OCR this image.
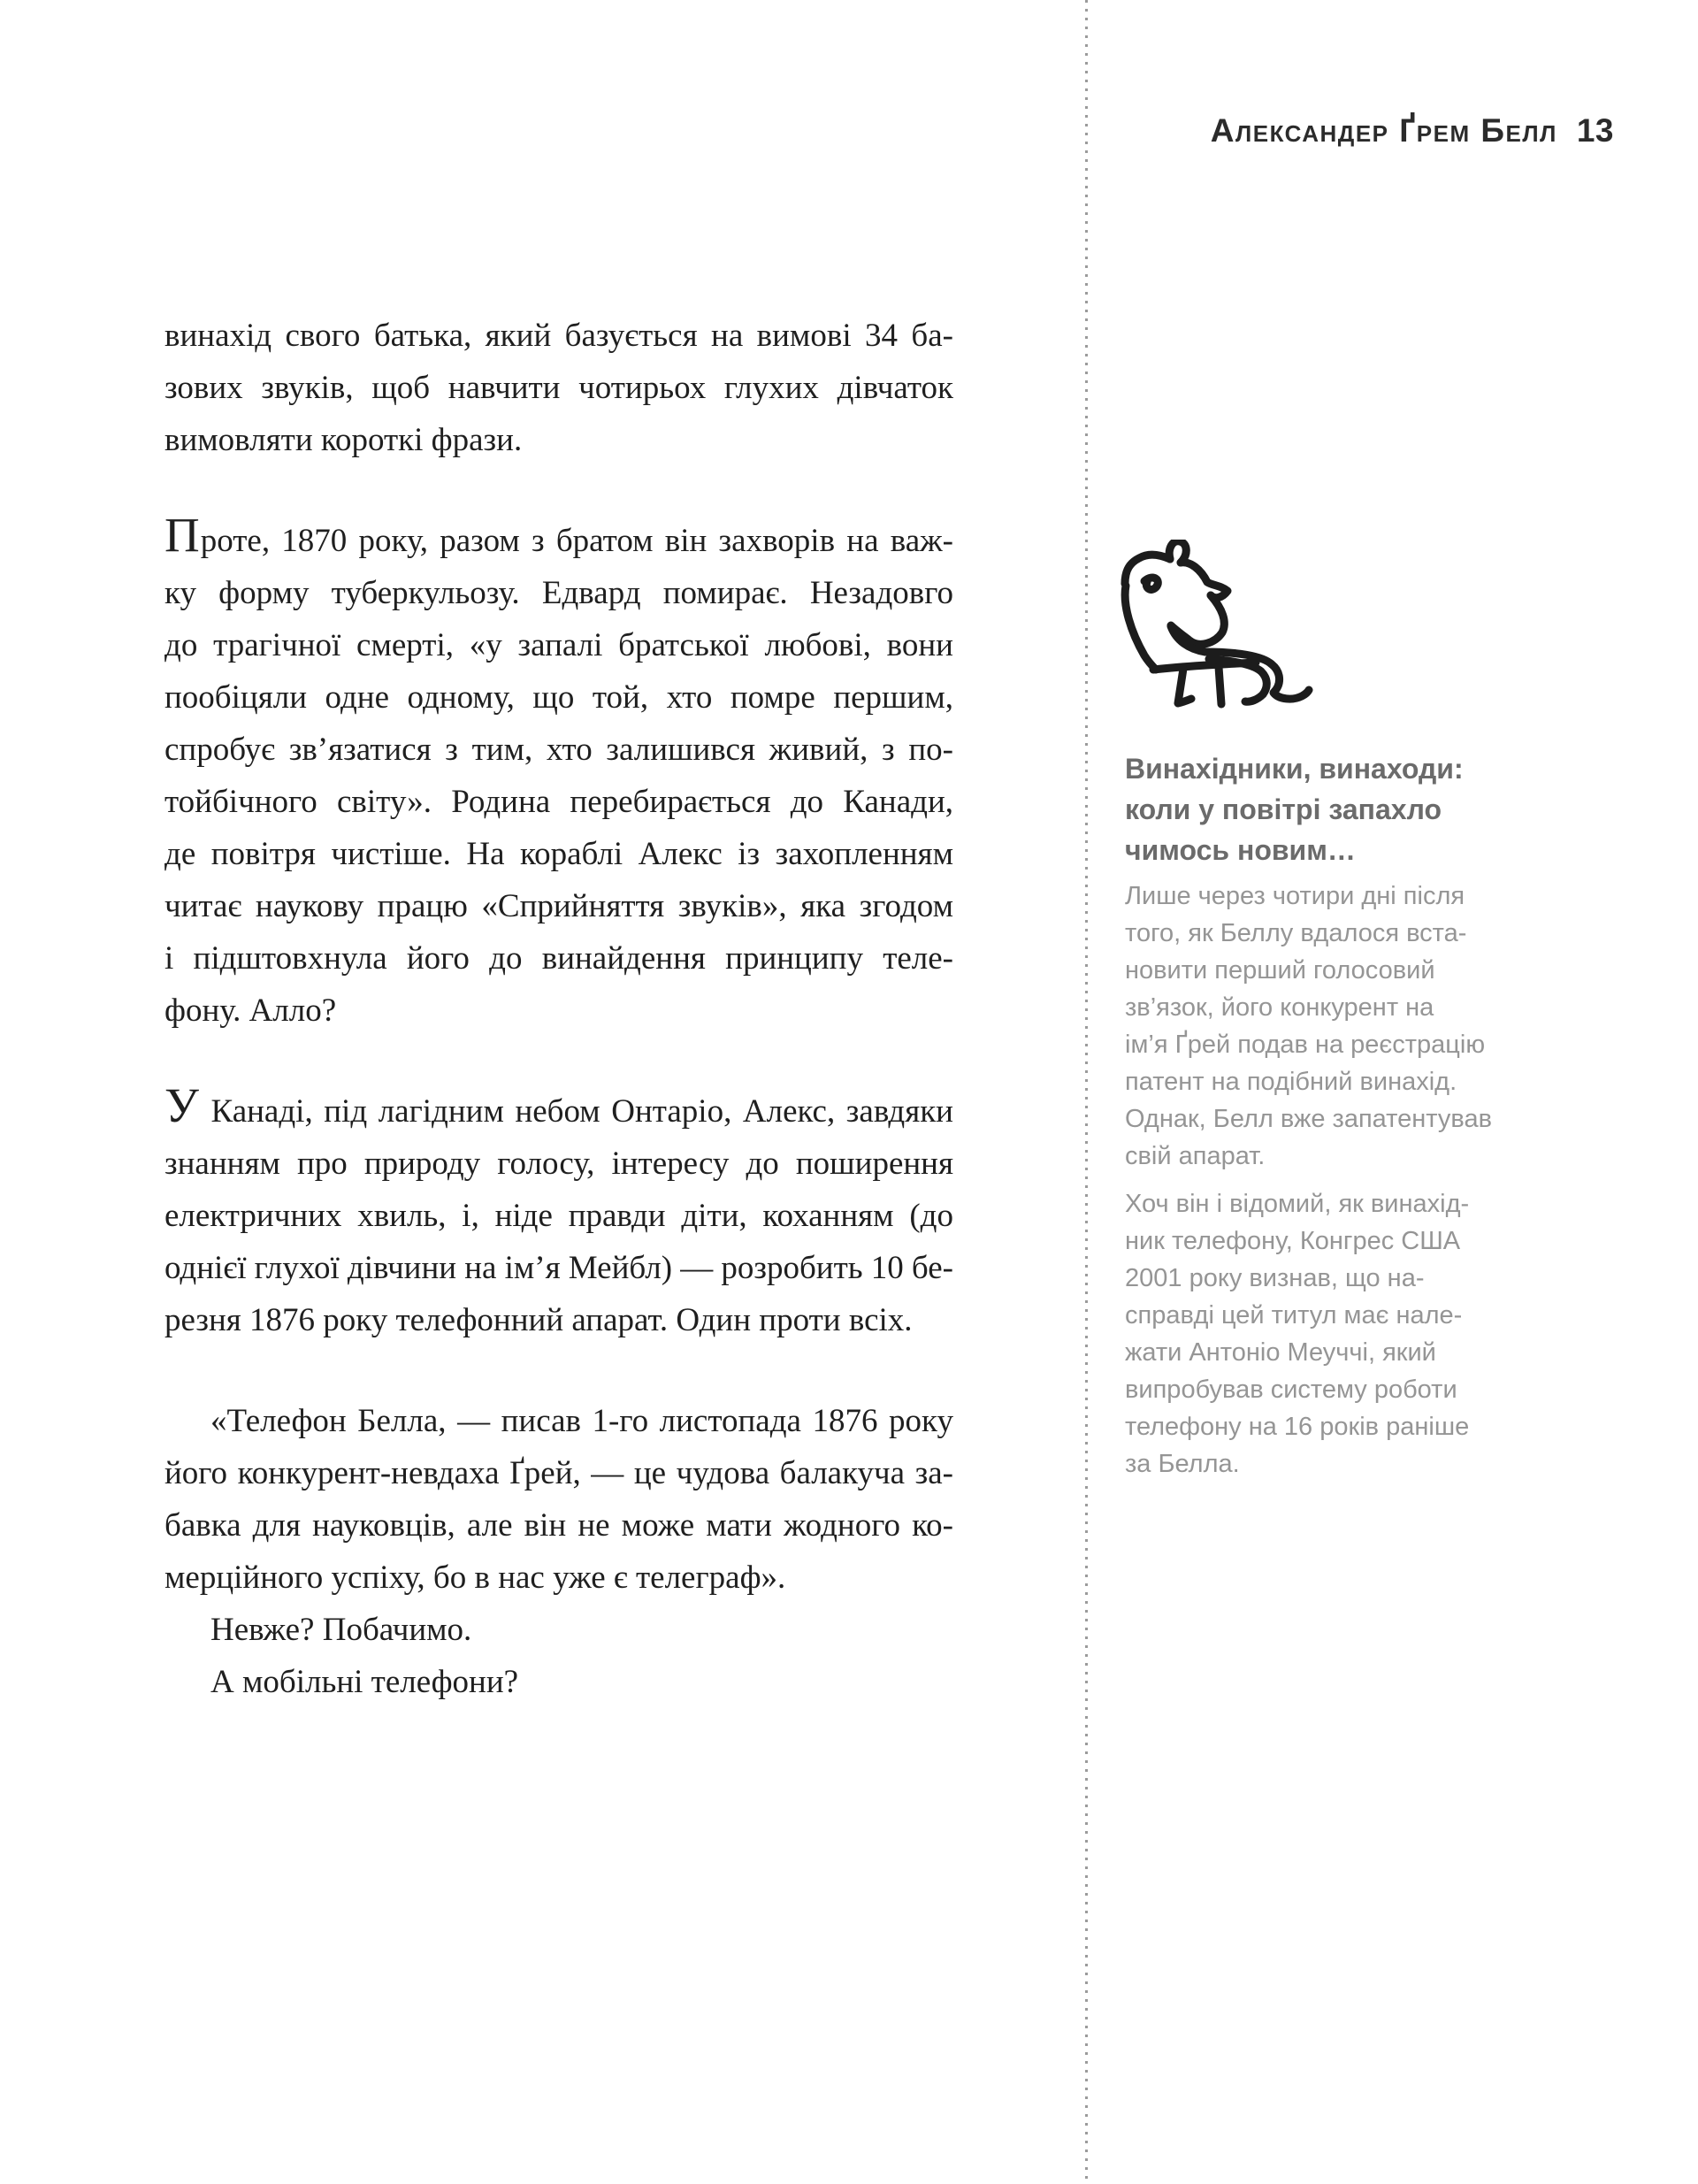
Александер Ґрем Белл 13
винахід свого батька, який базується на вимові 34 ба-
зових звуків, щоб навчити чотирьох глухих дівчаток
вимовляти короткі фрази.
Проте, 1870 року, разом з братом він захворів на важ-
ку форму туберкульозу. Едвард помирає. Незадовго
до трагічної смерті, «у запалі братської любові, вони
пообіцяли одне одному, що той, хто помре першим,
спробує зв’язатися з тим, хто залишився живий, з по-
тойбічного світу». Родина перебирається до Канади,
де повітря чистіше. На кораблі Алекс із захопленням
читає наукову працю «Сприйняття звуків», яка згодом
і підштовхнула його до винайдення принципу теле-
фону. Алло?
У Канаді, під лагідним небом Онтаріо, Алекс, завдяки
знанням про природу голосу, інтересу до поширення
електричних хвиль, і, ніде правди діти, коханням (до
однієї глухої дівчини на ім’я Мейбл) — розробить 10 бе-
резня 1876 року телефонний апарат. Один проти всіх.
«Телефон Белла, — писав 1-го листопада 1876 року
його конкурент-невдаха Ґрей, — це чудова балакуча за-
бавка для науковців, але він не може мати жодного ко-
мерційного успіху, бо в нас уже є телеграф».
Невже? Побачимо.
А мобільні телефони?
Винахідники, винаходи:
коли у повітрі запахло
чимось новим…
Лише через чотири дні після
того, як Беллу вдалося вста-
новити перший голосовий
зв’язок, його конкурент на
ім’я Ґрей подав на реєстрацію
патент на подібний винахід.
Однак, Белл вже запатентував
свій апарат.
Хоч він і відомий, як винахід-
ник телефону, Конгрес США
2001 року визнав, що на-
справді цей титул має нале-
жати Антоніо Меуччі, який
випробував систему роботи
телефону на 16 років раніше
за Белла.
